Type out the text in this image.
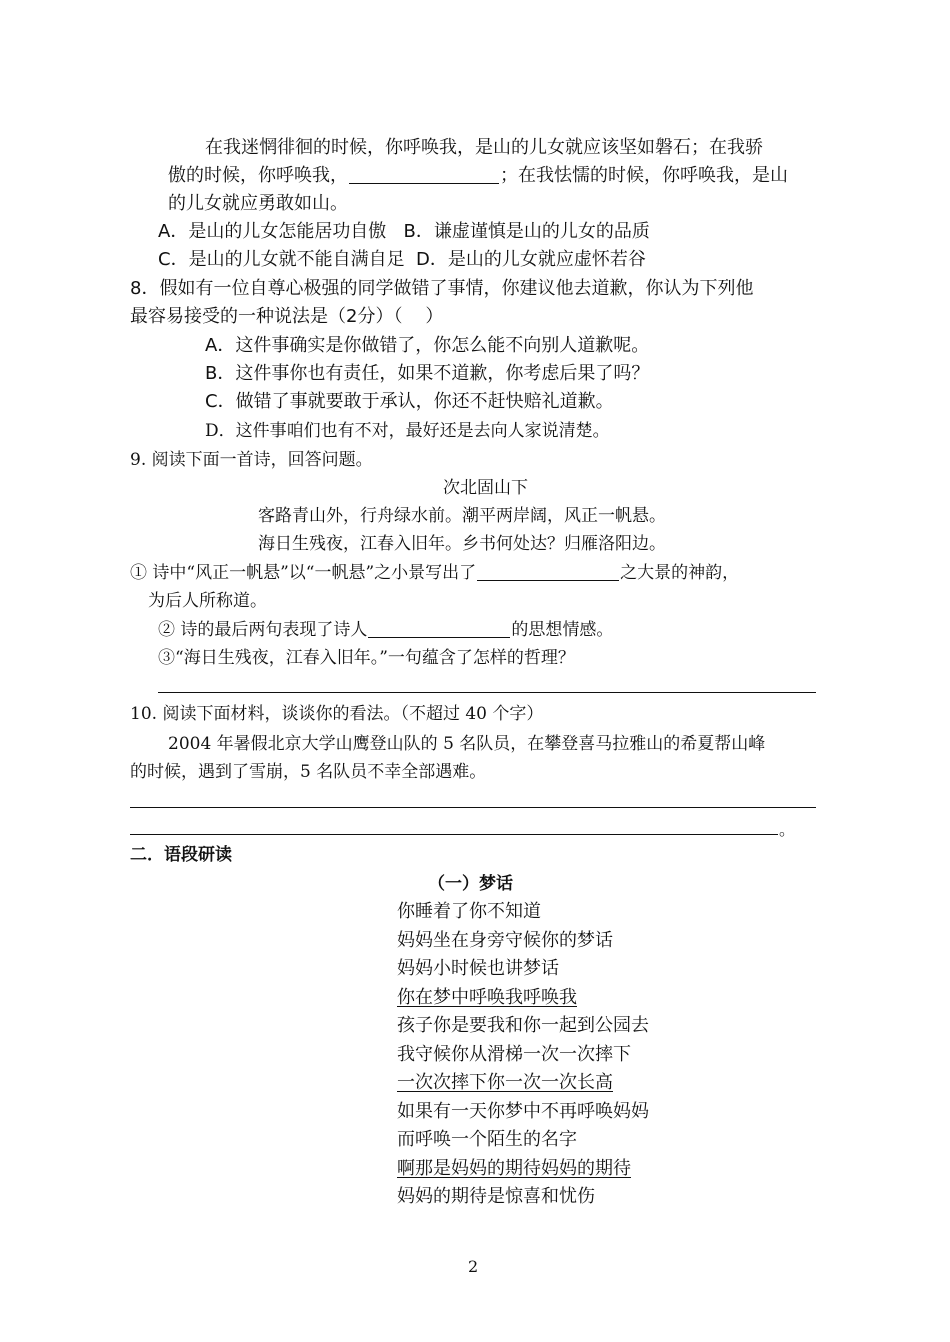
在我迷惘徘徊的时候，你呼唤我，是山的儿女就应该坚如磐石；在我骄
傲的时候，你呼唤我，	；在我怯懦的时候，你呼唤我，是山
的儿女就应勇敢如山。
A．是山的儿女怎能居功自傲   B．谦虚谨慎是山的儿女的品质
C．是山的儿女就不能自满自足  D．是山的儿女就应虚怀若谷
8．假如有一位自尊心极强的同学做错了事情，你建议他去道歉，你认为下列他
最容易接受的一种说法是（2分）（    ）
A．这件事确实是你做错了，你怎么能不向别人道歉呢。
B．这件事你也有责任，如果不道歉，你考虑后果了吗？
C．做错了事就要敢于承认，你还不赶快赔礼道歉。
D．这件事咱们也有不对，最好还是去向人家说清楚。
9. 阅读下面一首诗，回答问题。
次北固山下
客路青山外，行舟绿水前。潮平两岸阔，风正一帆悬。
海日生残夜，江春入旧年。乡书何处达？归雁洛阳边。
① 诗中“风正一帆悬”以“一帆悬”之小景写出了	之大景的神韵，
为后人所称道。
② 诗的最后两句表现了诗人	的思想情感。
③“海日生残夜，江春入旧年。”一句蕴含了怎样的哲理？
10. 阅读下面材料，谈谈你的看法。（不超过 40 个字）
2004 年暑假北京大学山鹰登山队的 5 名队员，在攀登喜马拉雅山的希夏帮山峰
的时候，遇到了雪崩，5 名队员不幸全部遇难。
。
二．语段研读
（一）梦话
你睡着了你不知道
妈妈坐在身旁守候你的梦话
妈妈小时候也讲梦话
你在梦中呼唤我呼唤我
孩子你是要我和你一起到公园去
我守候你从滑梯一次一次摔下
一次次摔下你一次一次长高
如果有一天你梦中不再呼唤妈妈
而呼唤一个陌生的名字
啊那是妈妈的期待妈妈的期待
妈妈的期待是惊喜和忧伤
2
